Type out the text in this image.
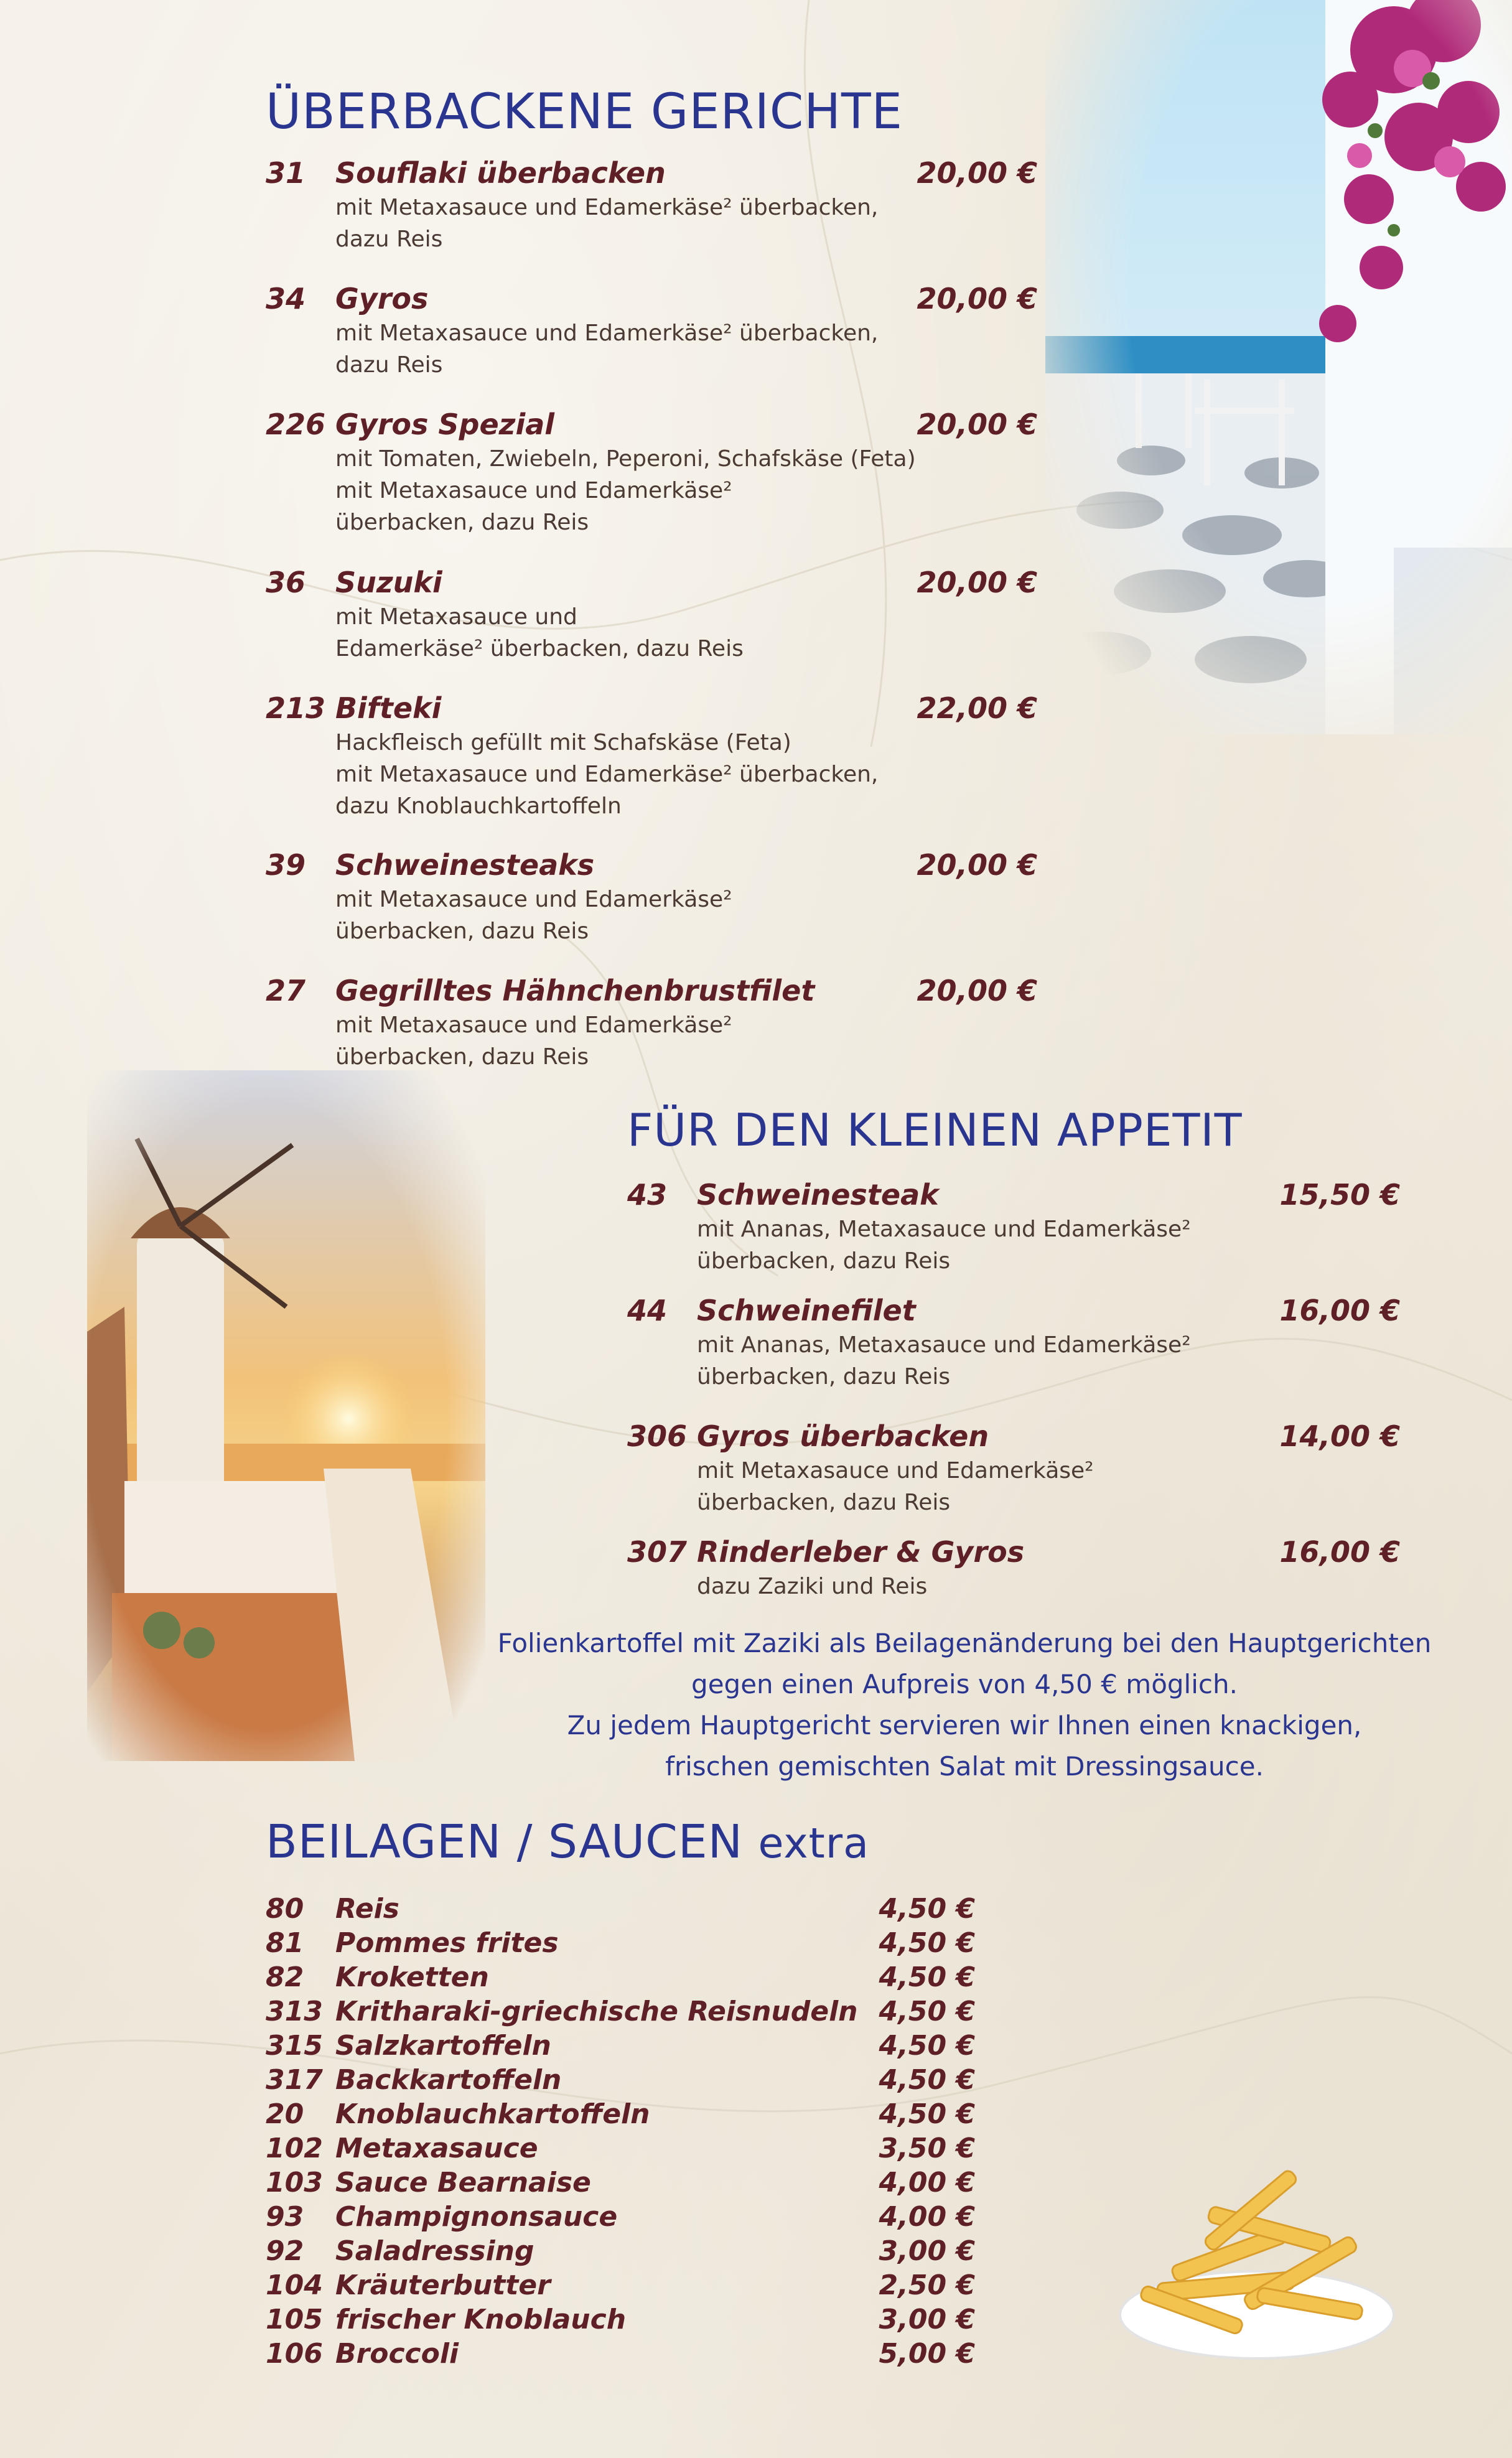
ÜBERBACKENE GERICHTE
31 Souflaki überbacken	20,00 €

mit Metaxasauce und Edamerkäse² überbacken,

dazu Reis

34 Gyros	20,00 €

mit Metaxasauce und Edamerkäse² überbacken,

dazu Reis

226 Gyros Spezial	20,00 €

mit Tomaten, Zwiebeln, Peperoni, Schafskäse (Feta)

mit Metaxasauce und Edamerkäse²

überbacken, dazu Reis

36 Suzuki	20,00 €

mit Metaxasauce und

Edamerkäse² überbacken, dazu Reis

213 Bifteki	22,00 €

Hackfleisch gefüllt mit Schafskäse (Feta)

mit Metaxasauce und Edamerkäse² überbacken,

dazu Knoblauchkartoffeln

39 Schweinesteaks	20,00 €

mit Metaxasauce und Edamerkäse²

überbacken, dazu Reis

27 Gegrilltes Hähnchenbrustfilet	20,00 €

mit Metaxasauce und Edamerkäse²

überbacken, dazu Reis

FÜR DEN KLEINEN APPETIT
43 Schweinesteak	15,50 €

mit Ananas, Metaxasauce und Edamerkäse²

überbacken, dazu Reis

44 Schweinefilet	16,00 €

mit Ananas, Metaxasauce und Edamerkäse²

überbacken, dazu Reis

306 Gyros überbacken	14,00 €

mit Metaxasauce und Edamerkäse²

überbacken, dazu Reis

307 Rinderleber & Gyros	16,00 €

dazu Zaziki und Reis

Folienkartoffel mit Zaziki als Beilagenänderung bei den Hauptgerichten
gegen einen Aufpreis von 4,50 € möglich.
Zu jedem Hauptgericht servieren wir Ihnen einen knackigen,
frischen gemischten Salat mit Dressingsauce.

BEILAGEN / SAUCEN extra
80 Reis	4,50 €
81 Pommes frites	4,50 €
82 Kroketten	4,50 €
313 Kritharaki-griechische Reisnudeln 4,50 €
315 Salzkartoffeln	4,50 €
317 Backkartoffeln	4,50 €
20 Knoblauchkartoffeln	4,50 €
102 Metaxasauce	3,50 €
103 Sauce Bearnaise	4,00 €
93 Champignonsauce	4,00 €
92 Saladressing	3,00 €
104 Kräuterbutter	2,50 €
105 frischer Knoblauch	3,00 €
106 Broccoli	5,00 €
